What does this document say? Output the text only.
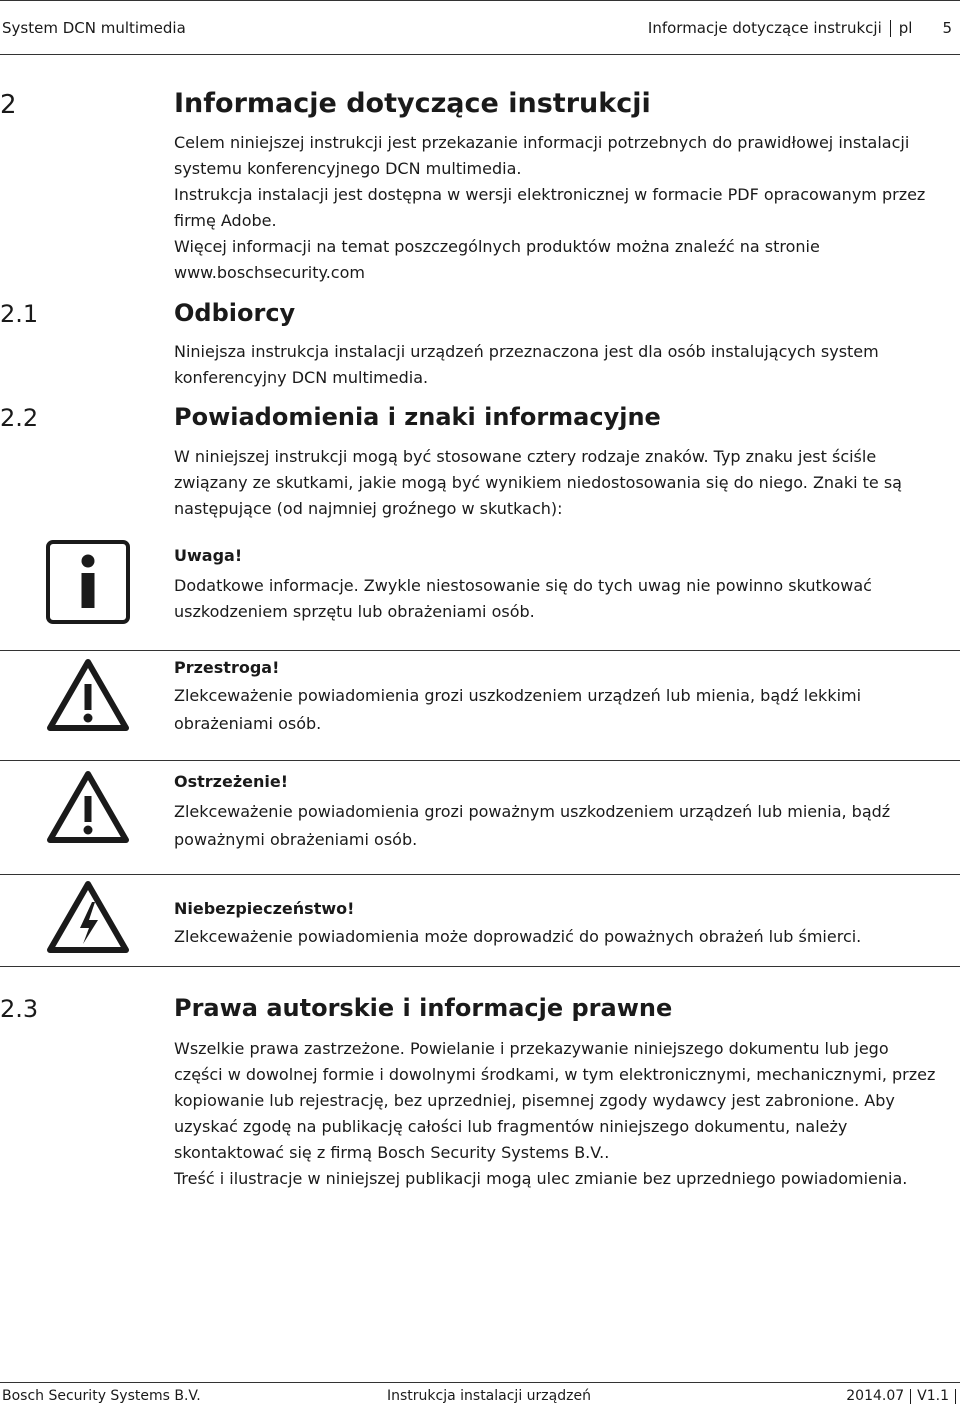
System DCN multimedia	Informacje dotyczące instrukcji pl 5
2	Informacje dotyczące instrukcji
Celem niniejszej instrukcji jest przekazanie informacji potrzebnych do prawidłowej instalacji
systemu konferencyjnego DCN multimedia.
Instrukcja instalacji jest dostępna w wersji elektronicznej w formacie PDF opracowanym przez
firmę Adobe.
Więcej informacji na temat poszczególnych produktów można znaleźć na stronie
www.boschsecurity.com
2.1	Odbiorcy
Niniejsza instrukcja instalacji urządzeń przeznaczona jest dla osób instalujących system
konferencyjny DCN multimedia.
2.2	Powiadomienia i znaki informacyjne
W niniejszej instrukcji mogą być stosowane cztery rodzaje znaków. Typ znaku jest ściśle
związany ze skutkami, jakie mogą być wynikiem niedostosowania się do niego. Znaki te są
następujące (od najmniej groźnego w skutkach):
Uwaga!
Dodatkowe informacje. Zwykle niestosowanie się do tych uwag nie powinno skutkować
uszkodzeniem sprzętu lub obrażeniami osób.
Przestroga!
Zlekceważenie powiadomienia grozi uszkodzeniem urządzeń lub mienia, bądź lekkimi
obrażeniami osób.
Ostrzeżenie!
Zlekceważenie powiadomienia grozi poważnym uszkodzeniem urządzeń lub mienia, bądź
poważnymi obrażeniami osób.
Niebezpieczeństwo!
Zlekceważenie powiadomienia może doprowadzić do poważnych obrażeń lub śmierci.
2.3	Prawa autorskie i informacje prawne
Wszelkie prawa zastrzeżone. Powielanie i przekazywanie niniejszego dokumentu lub jego
części w dowolnej formie i dowolnymi środkami, w tym elektronicznymi, mechanicznymi, przez
kopiowanie lub rejestrację, bez uprzedniej, pisemnej zgody wydawcy jest zabronione. Aby
uzyskać zgodę na publikację całości lub fragmentów niniejszego dokumentu, należy
skontaktować się z firmą Bosch Security Systems B.V..
Treść i ilustracje w niniejszej publikacji mogą ulec zmianie bez uprzedniego powiadomienia.
Bosch Security Systems B.V.	Instrukcja instalacji urządzeń	2014.07 V1.1
